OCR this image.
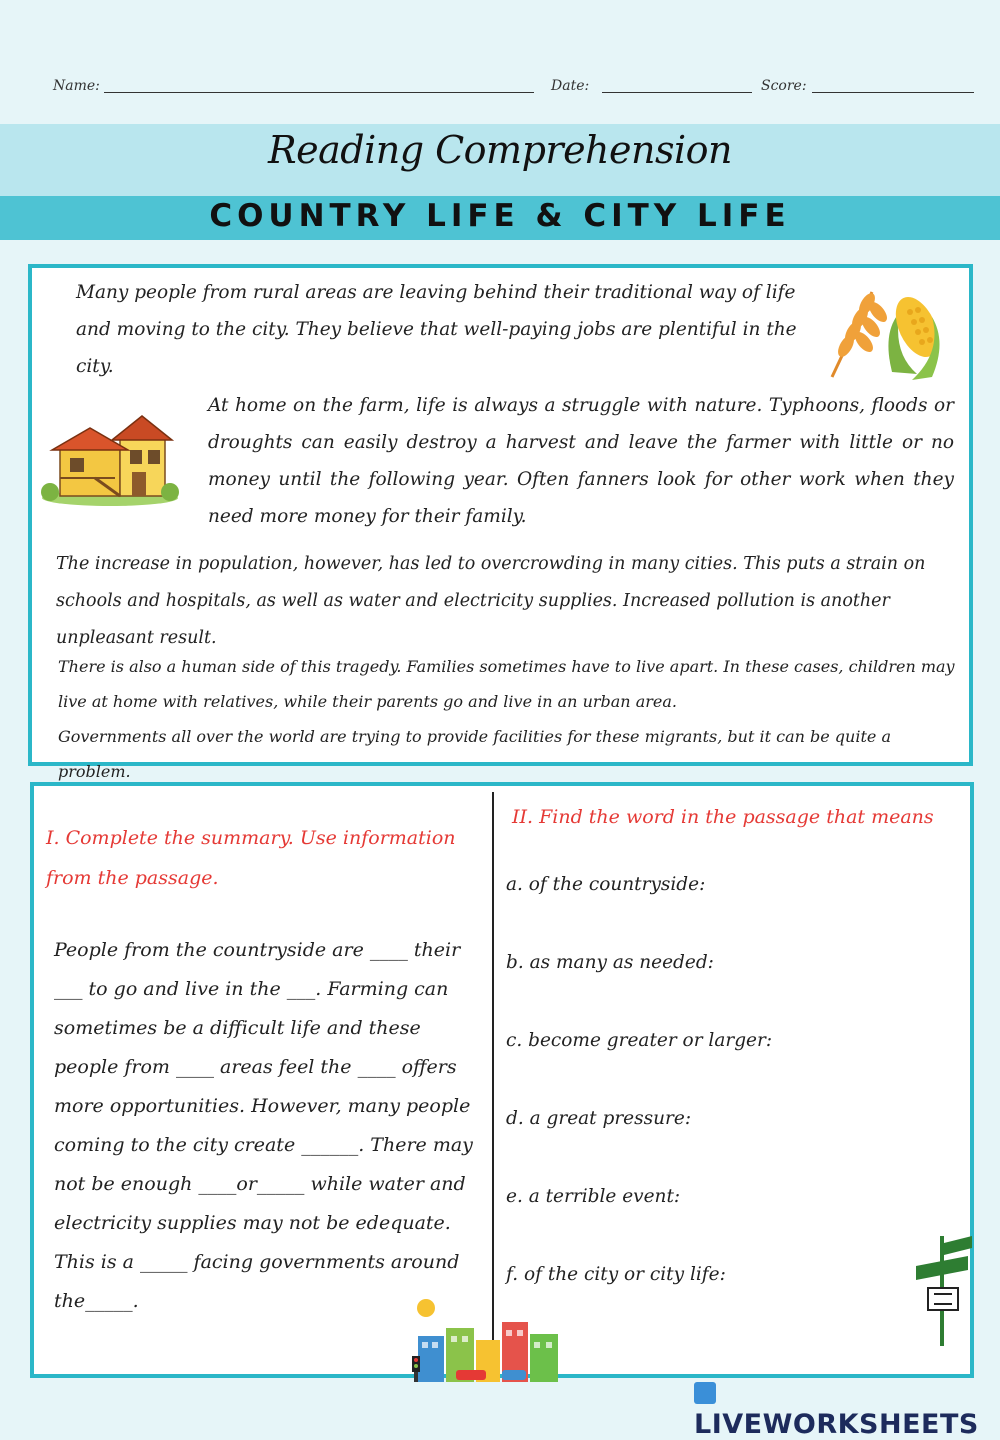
Name:	Date:	Score:
Reading Comprehension
COUNTRY LIFE & CITY LIFE

Many people from rural areas are leaving behind their traditional way of life and moving to the city. They believe that well-paying jobs are plentiful in the city.

At home on the farm, life is always a struggle with nature. Typhoons, floods or droughts can easily destroy a harvest and leave the farmer with little or no money until the following year. Often fanners look for other work when they need more money for their family.

The increase in population, however, has led to overcrowding in many cities. This puts a strain on schools and hospitals, as well as water and electricity supplies. Increased pollution is another unpleasant result.

There is also a human side of this tragedy. Families sometimes have to live apart. In these cases, children may live at home with relatives, while their parents go and live in an urban area.
Governments all over the world are trying to provide facilities for these migrants, but it can be quite a problem.
I. Complete the summary. Use information from the passage.
People from the countryside are ____ their ___ to go and live in the ___. Farming can sometimes be a difficult life and these people from ____ areas feel the ____ offers more opportunities. However, many people coming to the city create ______. There may not be enough ____or_____ while water and electricity supplies may not be edequate. This is a _____ facing governments around the_____.
II. Find the word in the passage that means
a. of the countryside:
b. as many as needed:
c. become greater or larger:
d. a great pressure:
e. a terrible event:
f. of the city or city life:
LIVEWORKSHEETS
